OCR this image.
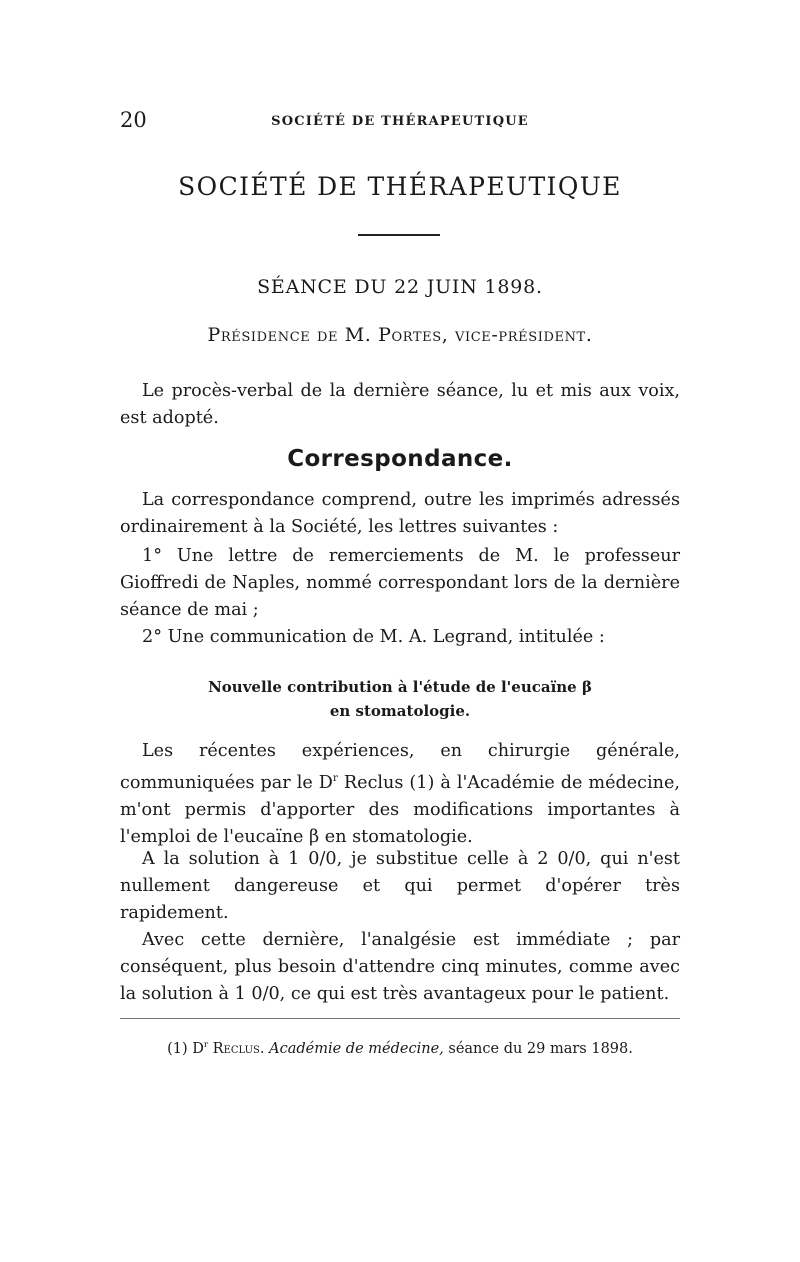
20	SOCIÉTÉ DE THÉRAPEUTIQUE
SOCIÉTÉ DE THÉRAPEUTIQUE
SÉANCE DU 22 JUIN 1898.
Présidence de M. Portes, vice-président.

Le procès-verbal de la dernière séance, lu et mis aux voix, est adopté.

Correspondance.

La correspondance comprend, outre les imprimés adressés ordinairement à la Société, les lettres suivantes :

1° Une lettre de remerciements de M. le professeur Gioffredi de Naples, nommé correspondant lors de la dernière séance de mai ;

2° Une communication de M. A. Legrand, intitulée :

Nouvelle contribution à l'étude de l'eucaïne β
en stomatologie.

Les récentes expériences, en chirurgie générale, communiquées par le $D^r$ Reclus (1) à l'Académie de médecine, m'ont permis d'apporter des modifications importantes à l'emploi de l'eucaïne β en stomatologie.

A la solution à 1 0/0, je substitue celle à 2 0/0, qui n'est nullement dangereuse et qui permet d'opérer très rapidement.

Avec cette dernière, l'analgésie est immédiate ; par conséquent, plus besoin d'attendre cinq minutes, comme avec la solution à 1 0/0, ce qui est très avantageux pour le patient.

(1) $D^r$ Reclus. Académie de médecine, séance du 29 mars 1898.
